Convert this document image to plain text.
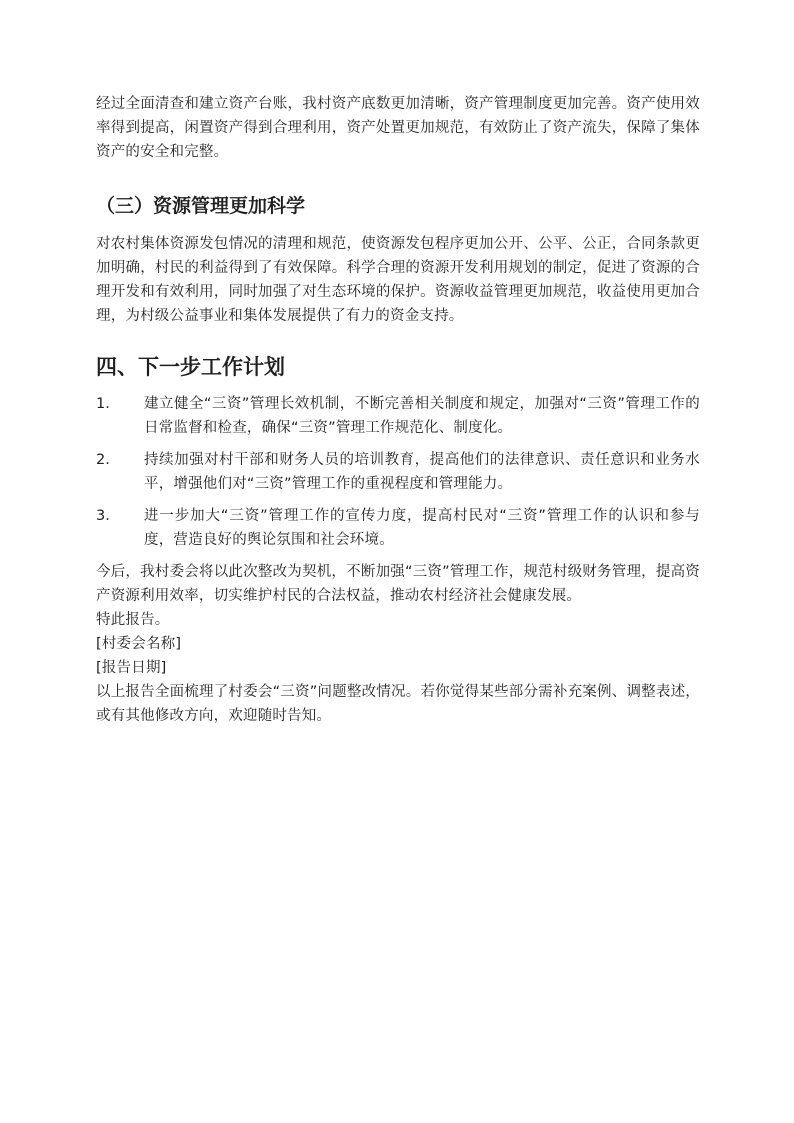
经过全面清查和建立资产台账，我村资产底数更加清晰，资产管理制度更加完善。资产使用效率得到提高，闲置资产得到合理利用，资产处置更加规范，有效防止了资产流失，保障了集体资产的安全和完整。

（三）资源管理更加科学

对农村集体资源发包情况的清理和规范，使资源发包程序更加公开、公平、公正，合同条款更加明确，村民的利益得到了有效保障。科学合理的资源开发利用规划的制定，促进了资源的合理开发和有效利用，同时加强了对生态环境的保护。资源收益管理更加规范，收益使用更加合理，为村级公益事业和集体发展提供了有力的资金支持。

四、下一步工作计划
1.	建立健全“三资”管理长效机制，不断完善相关制度和规定，加强对“三资”管理工作的日常监督和检查，确保“三资”管理工作规范化、制度化。
2.	持续加强对村干部和财务人员的培训教育，提高他们的法律意识、责任意识和业务水平，增强他们对“三资”管理工作的重视程度和管理能力。
3.	进一步加大“三资”管理工作的宣传力度，提高村民对“三资”管理工作的认识和参与度，营造良好的舆论氛围和社会环境。

今后，我村委会将以此次整改为契机，不断加强“三资”管理工作，规范村级财务管理，提高资产资源利用效率，切实维护村民的合法权益，推动农村经济社会健康发展。

特此报告。

[村委会名称]

[报告日期]

以上报告全面梳理了村委会“三资”问题整改情况。若你觉得某些部分需补充案例、调整表述，或有其他修改方向，欢迎随时告知。
